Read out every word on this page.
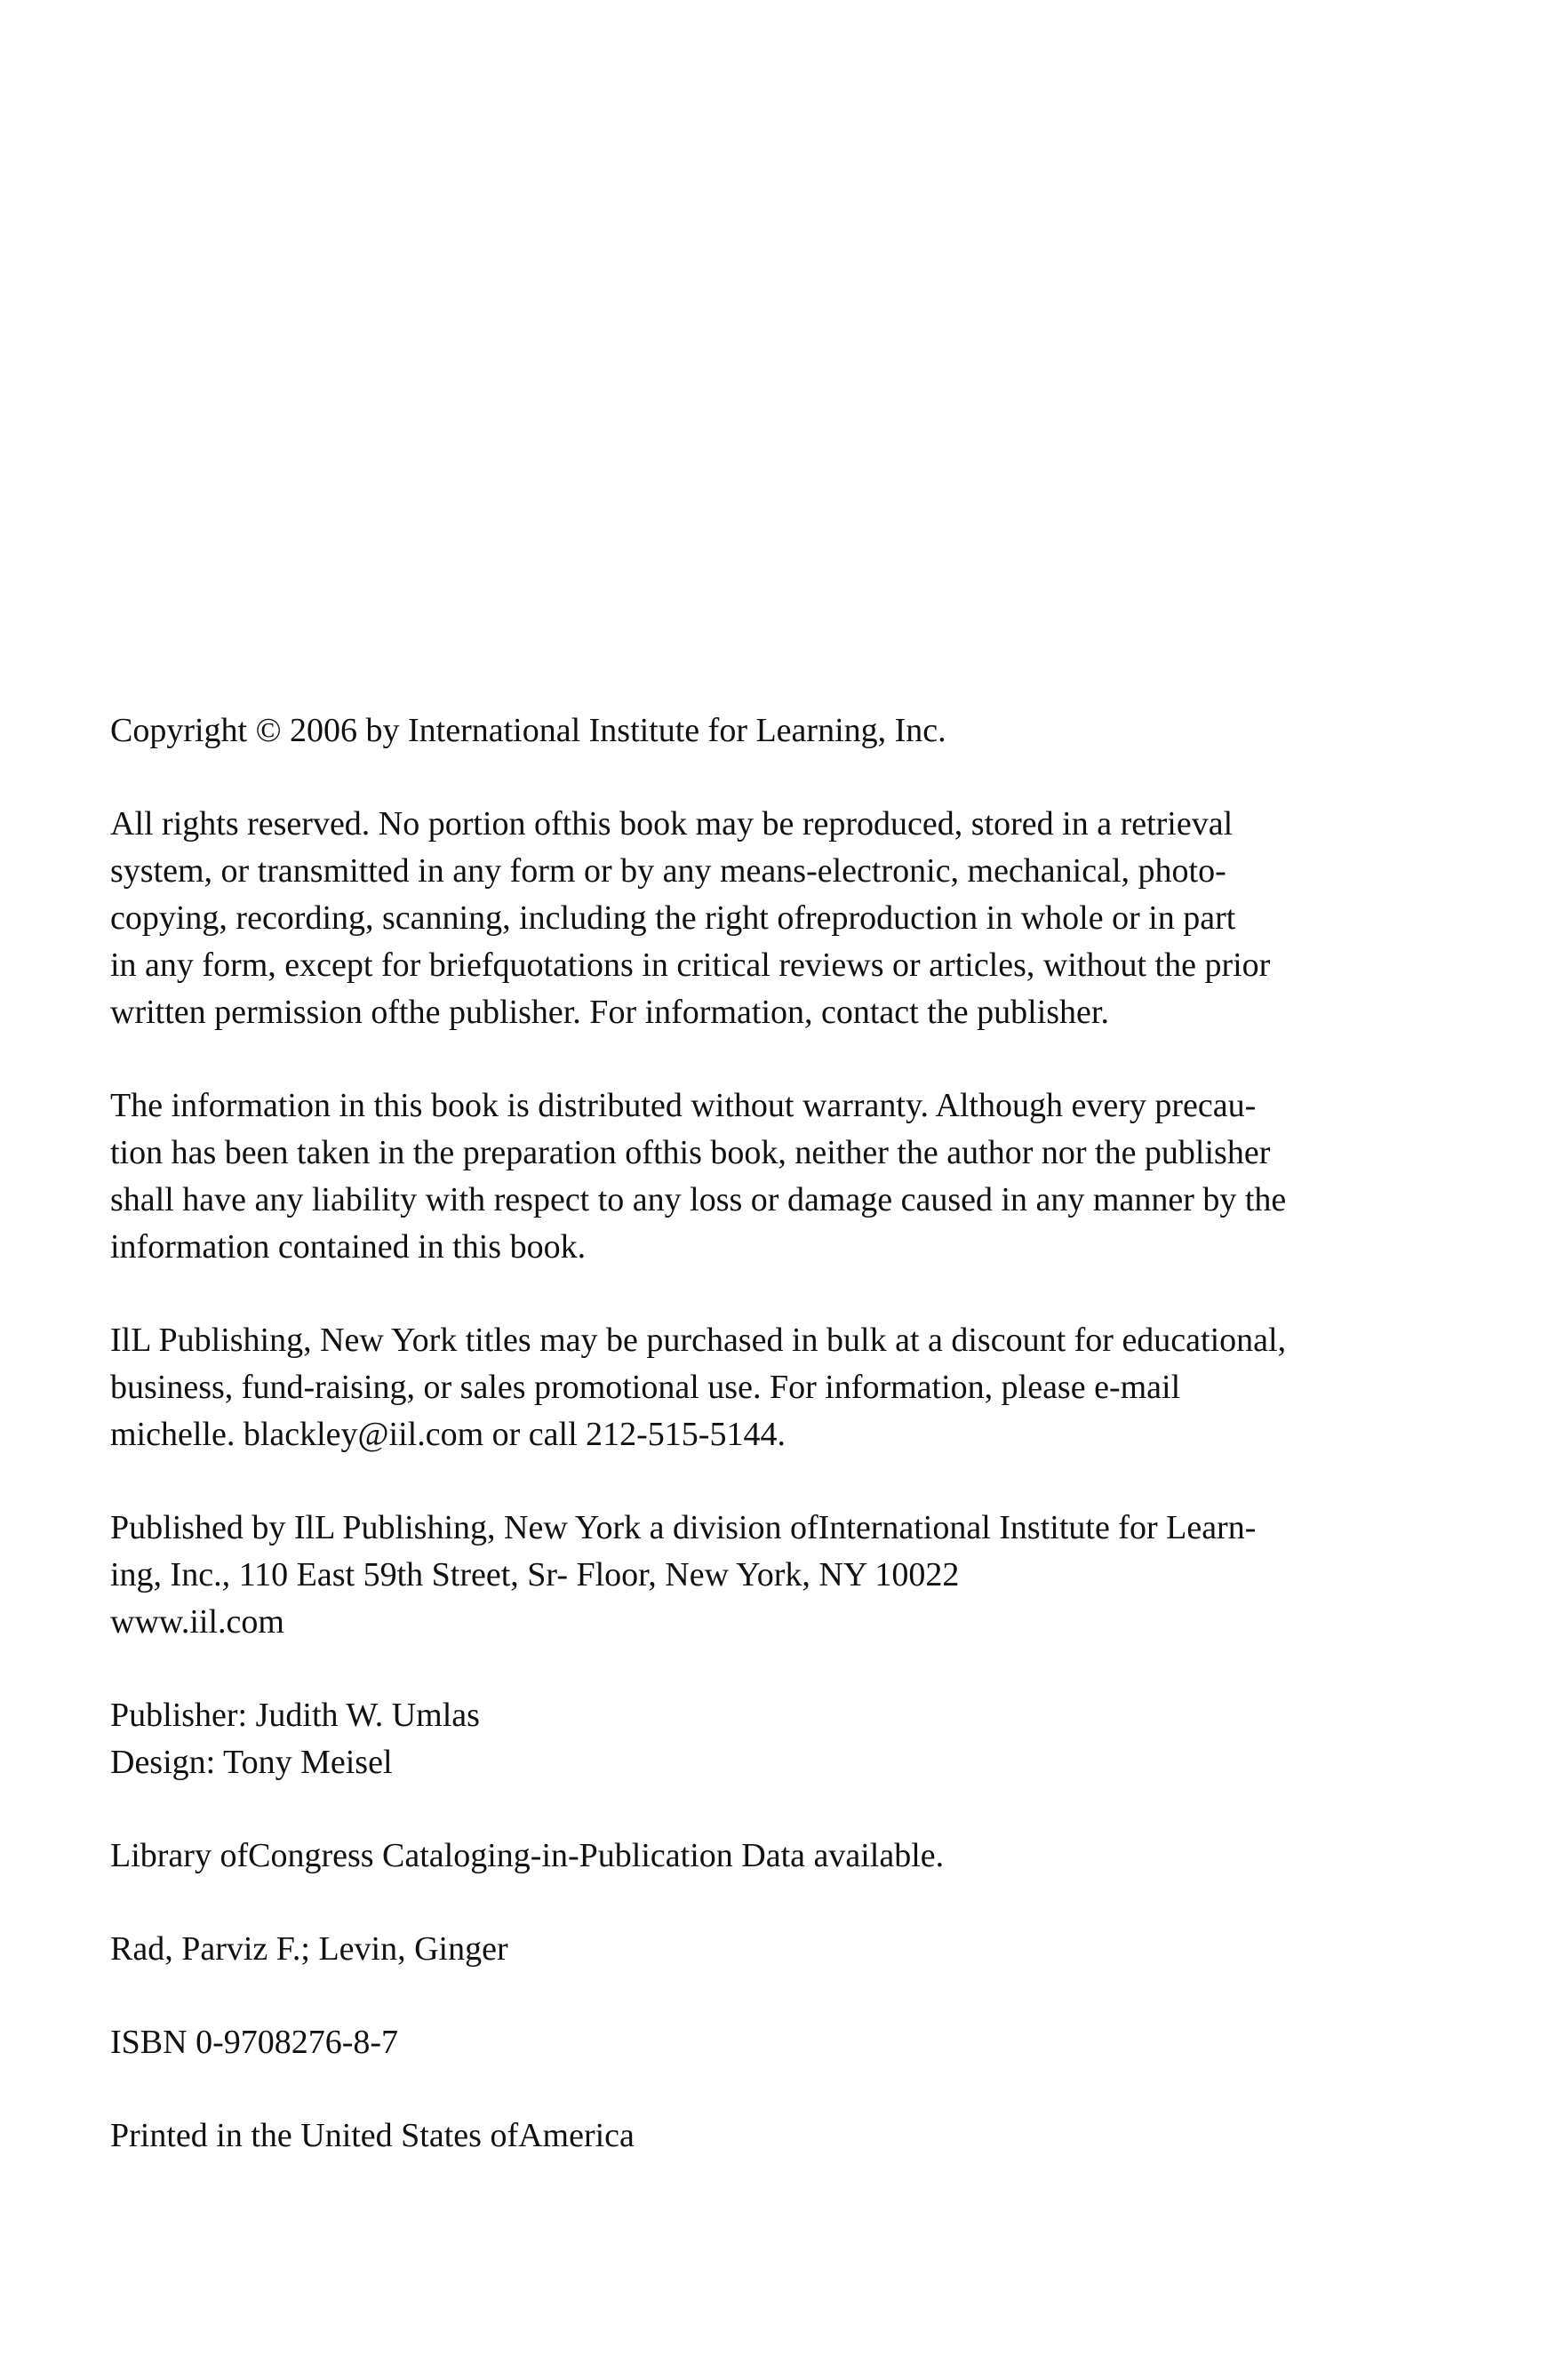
Copyright © 2006 by International Institute for Learning, Inc.

All rights reserved. No portion ofthis book may be reproduced, stored in a retrieval
system, or transmitted in any form or by any means-electronic, mechanical, photo-
copying, recording, scanning, including the right ofreproduction in whole or in part
in any form, except for briefquotations in critical reviews or articles, without the prior
written permission ofthe publisher. For information, contact the publisher.

The information in this book is distributed without warranty. Although every precau-
tion has been taken in the preparation ofthis book, neither the author nor the publisher
shall have any liability with respect to any loss or damage caused in any manner by the
information contained in this book.

IlL Publishing, New York titles may be purchased in bulk at a discount for educational,
business, fund-raising, or sales promotional use. For information, please e-mail
michelle. blackley@iil.com or call 212-515-5144.

Published by IlL Publishing, New York a division ofInternational Institute for Learn-
ing, Inc., 110 East 59th Street, Sr- Floor, New York, NY 10022
www.iil.com

Publisher: Judith W. Umlas
Design: Tony Meisel

Library ofCongress Cataloging-in-Publication Data available.

Rad, Parviz F.; Levin, Ginger

ISBN 0-9708276-8-7

Printed in the United States ofAmerica
